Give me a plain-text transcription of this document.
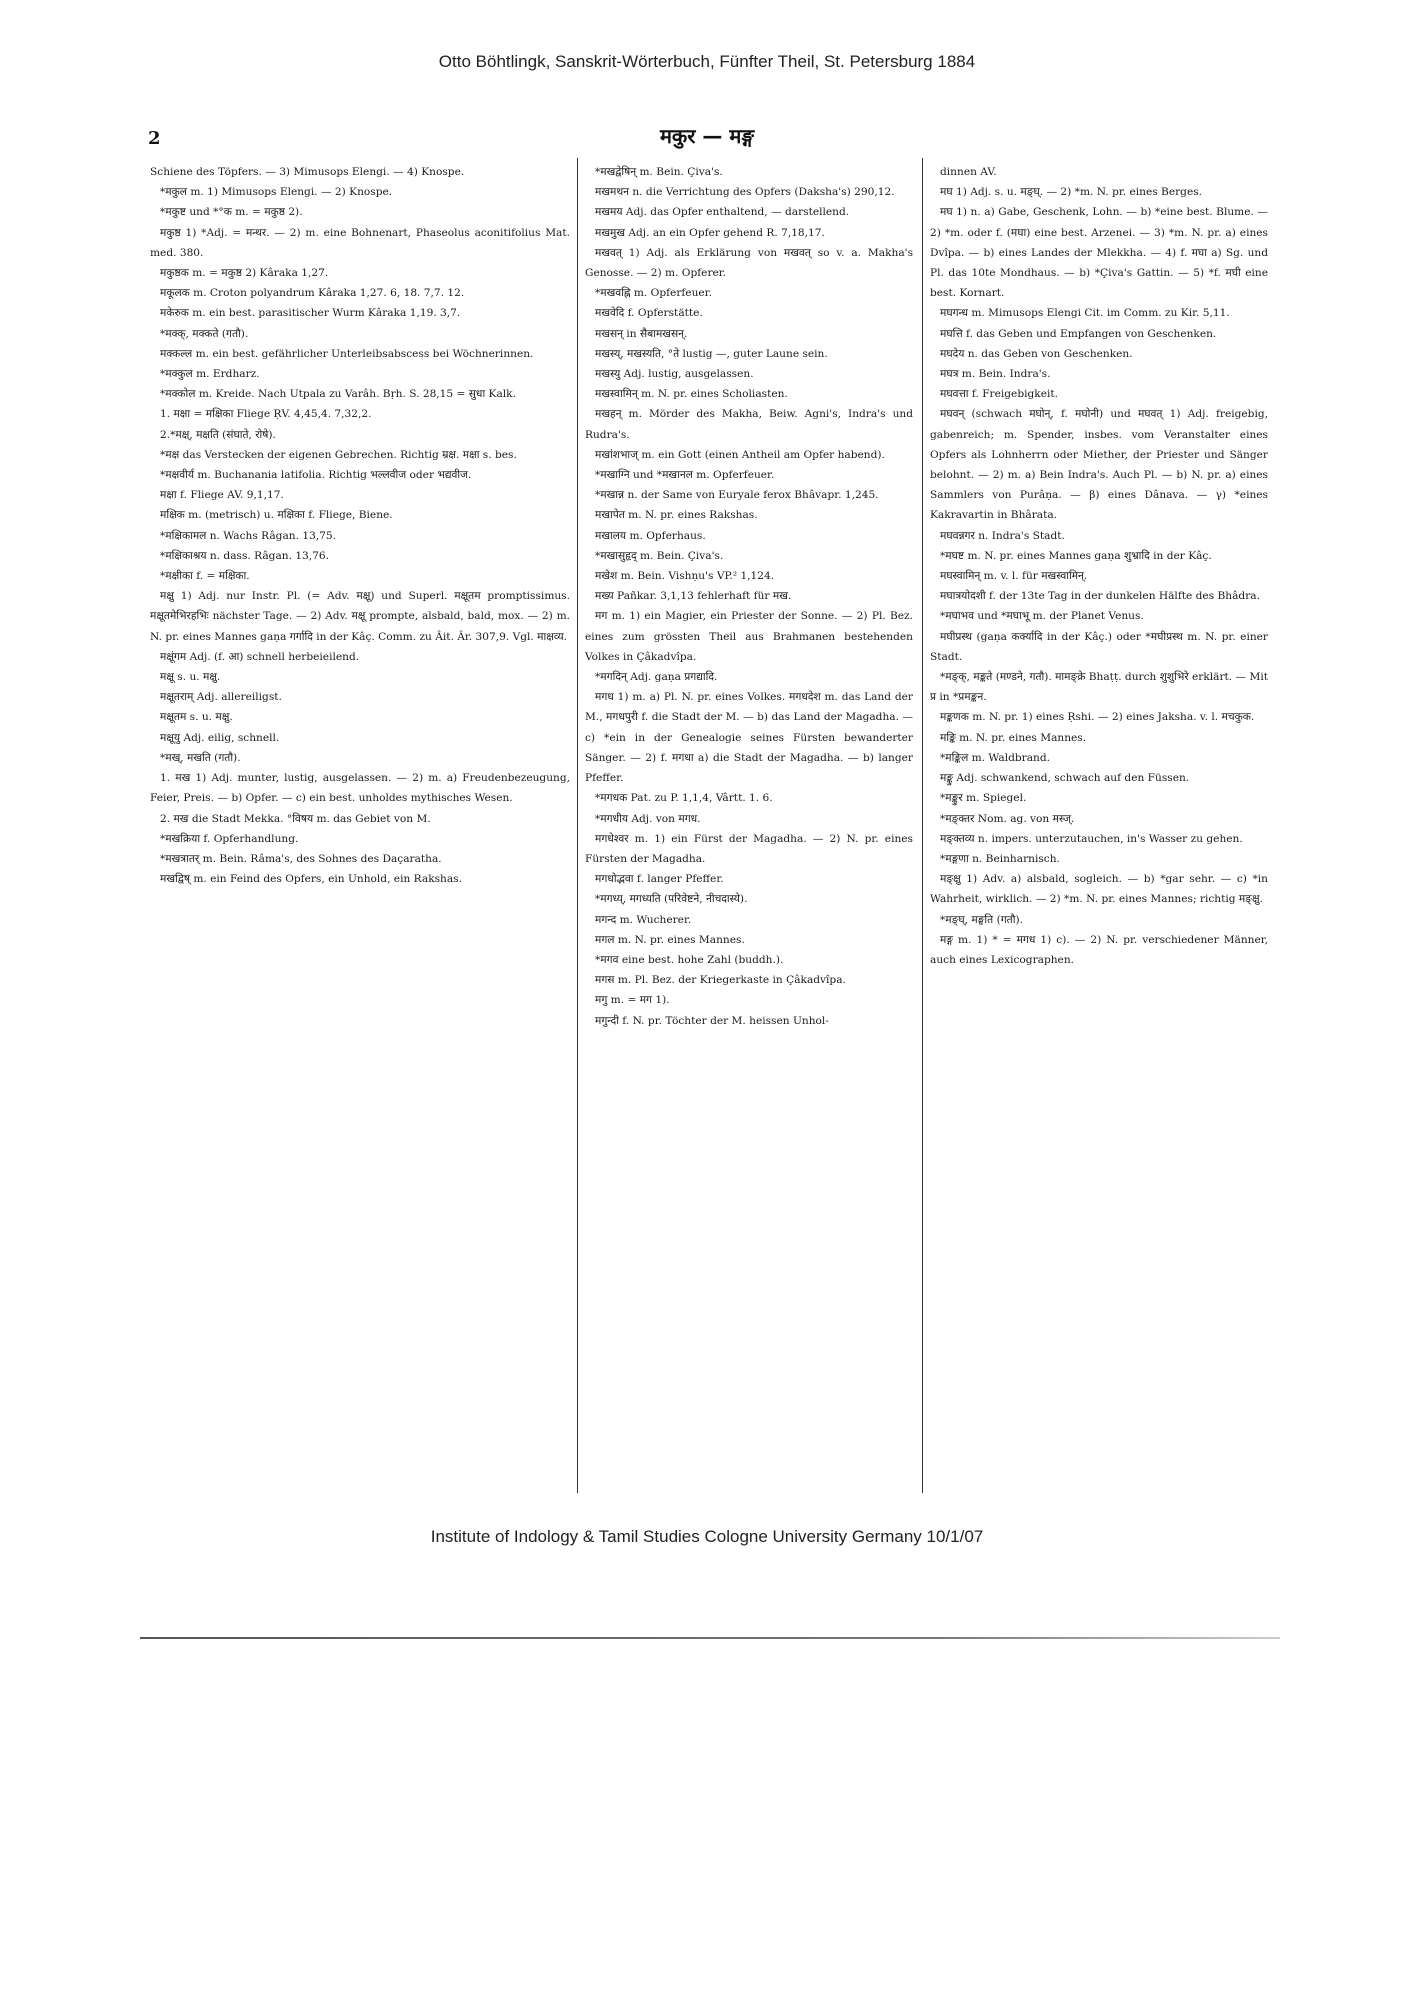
Otto Böhtlingk, Sanskrit-Wörterbuch, Fünfter Theil, St. Petersburg 1884
2	मकुर — मङ्ग

Schiene des Töpfers. — 3) Mimusops Elengi. — 4) Knospe.

*मकुल m. 1) Mimusops Elengi. — 2) Knospe.

*मकुष्ट und *°क m. = मकुष्ठ 2).

मकुष्ठ 1) *Adj. = मन्थर. — 2) m. eine Bohnenart, Phaseolus aconitifolius Mat. med. 380.

मकुष्ठक m. = मकुष्ठ 2) Kâraka 1,27.

मकूलक m. Croton polyandrum Kâraka 1,27. 6, 18. 7,7. 12.

मकेरुक m. ein best. parasitischer Wurm Kâraka 1,19. 3,7.

*मक्क्, मक्कते (गतौ).

मक्कल्ल m. ein best. gefährlicher Unterleibsabscess bei Wöchnerinnen.

*मक्कुल m. Erdharz.

*मक्कोल m. Kreide. Nach Utpala zu Varâh. Bṛh. S. 28,15 = सुधा Kalk.

1. मक्षा = मक्षिका Fliege ṚV. 4,45,4. 7,32,2.

2.*मक्ष्, मक्षति (संघाते, रोषे).

*मक्ष das Verstecken der eigenen Gebrechen. Richtig म्रक्ष. मक्षा s. bes.

*मक्षवीर्य m. Buchanania latifolia. Richtig भल्लवीज oder भद्यवीज.

मक्षा f. Fliege AV. 9,1,17.

मक्षिक m. (metrisch) u. मक्षिका f. Fliege, Biene.

*मक्षिकामल n. Wachs Râgan. 13,75.

*मक्षिकाश्रय n. dass. Râgan. 13,76.

*मक्षीका f. = मक्षिका.

मक्षु 1) Adj. nur Instr. Pl. (= Adv. मक्षू) und Superl. मक्षूतम promptissimus. मक्षूतमेभिरहभिः nächster Tage. — 2) Adv. मक्षू prompte, alsbald, bald, mox. — 2) m. N. pr. eines Mannes gaṇa गर्गादि in der Kâç. Comm. zu Âit. Âr. 307,9. Vgl. माक्षव्य.

मक्षूंगम Adj. (f. आ) schnell herbeieilend.

मक्षू s. u. मक्षु.

मक्षूतराम् Adj. allereiligst.

मक्षूतम s. u. मक्षु.

मक्षूयु Adj. eilig, schnell.

*मख्, मखति (गतौ).

1. मख 1) Adj. munter, lustig, ausgelassen. — 2) m. a) Freudenbezeugung, Feier, Preis. — b) Opfer. — c) ein best. unholdes mythisches Wesen.

2. मख die Stadt Mekka. °विषय m. das Gebiet von M.

*मखक्रिया f. Opferhandlung.

*मखत्रातर् m. Bein. Râma's, des Sohnes des Daçaratha.

मखद्विष् m. ein Feind des Opfers, ein Unhold, ein Rakshas.

*मखद्वेषिन् m. Bein. Çiva's.

मखमथन n. die Verrichtung des Opfers (Daksha's) 290,12.

मखमय Adj. das Opfer enthaltend, — darstellend.

मखमुख Adj. an ein Opfer gehend R. 7,18,17.

मखवत् 1) Adj. als Erklärung von मखवत् so v. a. Makha's Genosse. — 2) m. Opferer.

*मखवह्नि m. Opferfeuer.

मखवेदि f. Opferstätte.

मखसन् in सैबामखसन्.

मखस्य्, मखस्यति, °ते lustig —, guter Laune sein.

मखस्यु Adj. lustig, ausgelassen.

मखस्वामिन् m. N. pr. eines Scholiasten.

मखहन् m. Mörder des Makha, Beiw. Agni's, Indra's und Rudra's.

मखांशभाज् m. ein Gott (einen Antheil am Opfer habend).

*मखाग्नि und *मखानल m. Opferfeuer.

*मखान्न n. der Same von Euryale ferox Bhâvapr. 1,245.

मखापेत m. N. pr. eines Rakshas.

मखालय m. Opferhaus.

*मखासुहृद् m. Bein. Çiva's.

मखेश m. Bein. Vishṇu's VP.² 1,124.

मख्य Pañkar. 3,1,13 fehlerhaft für मख.

मग m. 1) ein Magier, ein Priester der Sonne. — 2) Pl. Bez. eines zum grössten Theil aus Brahmanen bestehenden Volkes in Çâkadvîpa.

*मगदिन् Adj. gaṇa प्रगद्यादि.

मगध 1) m. a) Pl. N. pr. eines Volkes. मगधदेश m. das Land der M., मगधपुरी f. die Stadt der M. — b) das Land der Magadha. — c) *ein in der Genealogie seines Fürsten bewanderter Sänger. — 2) f. मगधा a) die Stadt der Magadha. — b) langer Pfeffer.

*मगधक Pat. zu P. 1,1,4, Vârtt. 1. 6.

*मगधीय Adj. von मगध.

मगधेश्वर m. 1) ein Fürst der Magadha. — 2) N. pr. eines Fürsten der Magadha.

मगधोद्भवा f. langer Pfeffer.

*मगध्य्, मगध्यति (परिवेष्टने, नीचदास्ये).

मगन्द m. Wucherer.

मगल m. N. pr. eines Mannes.

*मगव eine best. hohe Zahl (buddh.).

मगस m. Pl. Bez. der Kriegerkaste in Çâkadvîpa.

मगु m. = मग 1).

मगुन्दी f. N. pr. Töchter der M. heissen Unhol-

dinnen AV.

मघ 1) Adj. s. u. मङ्घ्. — 2) *m. N. pr. eines Berges.

मघ 1) n. a) Gabe, Geschenk, Lohn. — b) *eine best. Blume. — 2) *m. oder f. (मघा) eine best. Arzenei. — 3) *m. N. pr. a) eines Dvîpa. — b) eines Landes der Mlekkha. — 4) f. मघा a) Sg. und Pl. das 10te Mondhaus. — b) *Çiva's Gattin. — 5) *f. मघी eine best. Kornart.

मघगन्ध m. Mimusops Elengi Cit. im Comm. zu Kir. 5,11.

मघत्ति f. das Geben und Empfangen von Geschenken.

मघदेय n. das Geben von Geschenken.

मघत्र m. Bein. Indra's.

मघवत्ता f. Freigebigkeit.

मघवन् (schwach मघोन्, f. मघोनी) und मघवत् 1) Adj. freigebig, gabenreich; m. Spender, insbes. vom Veranstalter eines Opfers als Lohnherrn oder Miether, der Priester und Sänger belohnt. — 2) m. a) Bein Indra's. Auch Pl. — b) N. pr. a) eines Sammlers von Purâṇa. — β) eines Dânava. — γ) *eines Kakravartin in Bhârata.

मघवन्नगर n. Indra's Stadt.

*मघष्ट m. N. pr. eines Mannes gaṇa शुभ्रादि in der Kâç.

मघस्वामिन् m. v. l. für मखस्वामिन्.

मघात्रयोदशी f. der 13te Tag in der dunkelen Hälfte des Bhâdra.

*मघाभव und *मघाभू m. der Planet Venus.

मघीप्रस्थ (gaṇa कर्क्यादि in der Kâç.) oder *मघीप्रस्थ m. N. pr. einer Stadt.

*मङ्क्, मङ्कते (मण्डने, गतौ). मामङ्क्रे Bhaṭṭ. durch शुशुभिरे erklärt. — Mit प्र in *प्रमङ्कन.

मङ्कणक m. N. pr. 1) eines Ṛshi. — 2) eines Jaksha. v. l. मचकुक.

मङ्कि m. N. pr. eines Mannes.

*मङ्किल m. Waldbrand.

मङ्कु Adj. schwankend, schwach auf den Füssen.

*मङ्कुर m. Spiegel.

*मङ्क्तर Nom. ag. von मस्ज्.

मङ्क्तव्य n. impers. unterzutauchen, in's Wasser zu gehen.

*मङ्गणा n. Beinharnisch.

मङ्क्षु 1) Adv. a) alsbald, sogleich. — b) *gar sehr. — c) *in Wahrheit, wirklich. — 2) *m. N. pr. eines Mannes; richtig मङ्क्षु.

*मङ्घ्, मङ्घति (गतौ).

मङ्ग m. 1) * = मगध 1) c). — 2) N. pr. verschiedener Männer, auch eines Lexicographen.

Institute of Indology & Tamil Studies Cologne University Germany 10/1/07
